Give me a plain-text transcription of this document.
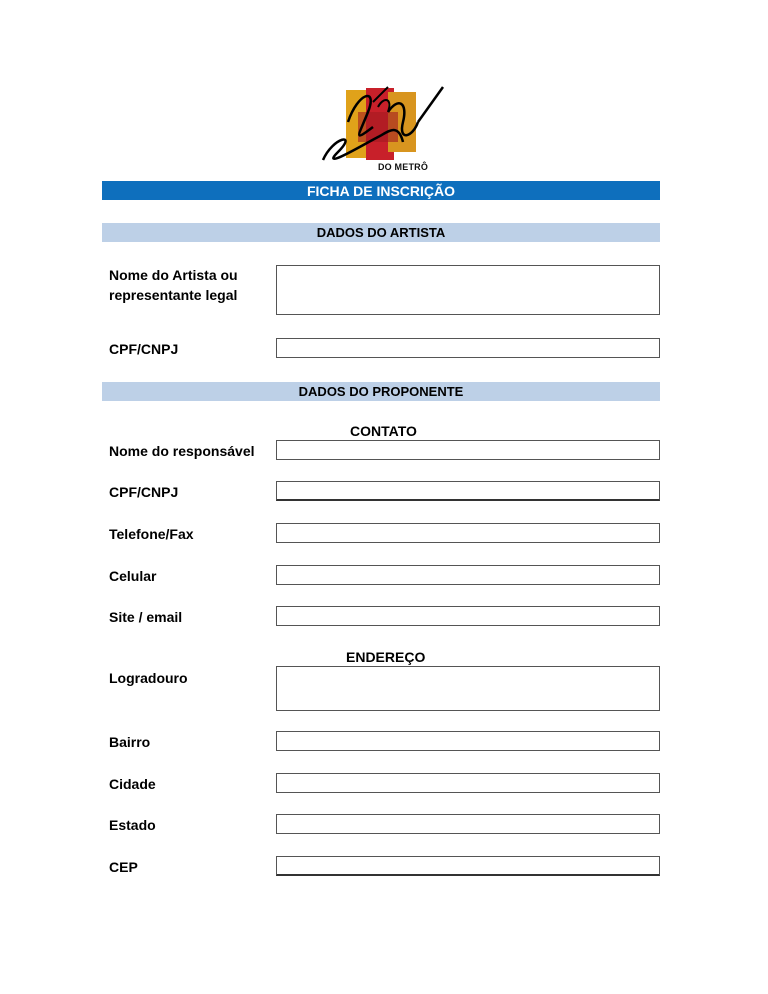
DO METRÔ
FICHA DE INSCRIÇÃO
DADOS DO ARTISTA
Nome do Artista ou
representante legal
CPF/CNPJ
DADOS DO PROPONENTE
CONTATO
Nome do responsável
CPF/CNPJ
Telefone/Fax
Celular
Site / email
ENDEREÇO
Logradouro
Bairro
Cidade
Estado
CEP
